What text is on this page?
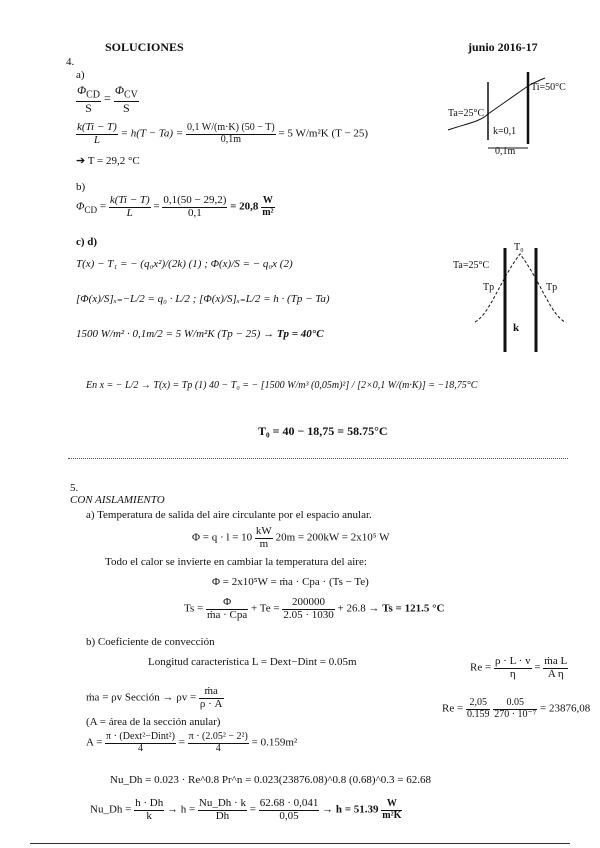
SOLUCIONES	junio 2016-17
4.
a)
$\frac{\Phi_{CD}}{S} = \frac{\Phi_{CV}}{S}$
$\frac{k(Ti - T)}{L} = h(T - Ta) = \frac{0,1 W/(m\cdot K) (50 - T)}{0,1m} = 5$ W/m²K (T − 25)
➔ T = 29,2 °C
b)
$\Phi_{CD} = \frac{k(Ti - T)}{L} = \frac{0,1(50 - 29,2)}{0,1} = 20,8 \frac{W}{\text{m²}}$
c) d)
T(x) − T₁ = − (q₀x²)/(2k) (1) ; Φ(x)/S = − q₀x (2)
[Φ(x)/S]ₓ₌−L/2 = q₀ · L/2 ; [Φ(x)/S]ₓ₌L/2 = h · (Tp − Ta)
1500 W/m² · 0,1m/2 = 5 W/m²K (Tp − 25) → Tp = 40°C
En x = − L/2 → T(x) = Tp (1) 40 − T₀ = − [1500 W/m³ (0,05m)²] / [2×0,1 W/(m·K)] = −18,75°C
T₀ = 40 − 18,75 = 58.75°C
Ta=25°C
Ti=50°C
k=0,1
0,1m
Ta=25°C
T₀
Tp	Tp
k
5.
CON AISLAMIENTO
a) Temperatura de salida del aire circulante por el espacio anular.
$\Phi = q \cdot l = 10 \frac{kW}{m} 20m = 200kW = 2x10^5$ W
Todo el calor se invierte en cambiar la temperatura del aire:
Φ = 2x10⁵W = ṁa · Cpa · (Ts − Te)
$Ts = \frac{\Phi}{\text{ṁa · Cpa}} + Te = \frac{200000}{2.05 \cdot 1030} + 26.8 \to Ts = 121.5$ °C
b) Coeficiente de convección
Longitud característica L = Dext−Dint = 0.05m	$Re = \frac{\rho \cdot L \cdot v}{\eta} = \frac{\text{ṁa L}}{\text{A η}}$
ṁa = ρv Sección → $\rho v = \frac{\text{ṁa}}{\rho \cdot A}$	$Re = \frac{2,05}{0.159}$
$\frac{0.05}{\text{270 · 10⁻⁷}} = 23876,08$
(A = área de la sección anular)
$A = \frac{\text{π · (Dext²−Dint²)}}{4} = \frac{\text{π · (2.05² − 2²)}}{4} = 0.159m^2$
Nu_Dh = 0.023 · Re^0.8 Pr^n = 0.023(23876.08)^0.8 (0.68)^0.3 = 62.68
Nu_Dh = $\frac{h \cdot Dh}{k} \to h = \frac{Nu\_Dh \cdot k}{Dh} = \frac{62.68 \cdot 0,041}{0,05} \to h = 51.39 \frac{W}{\text{m²K}}$
